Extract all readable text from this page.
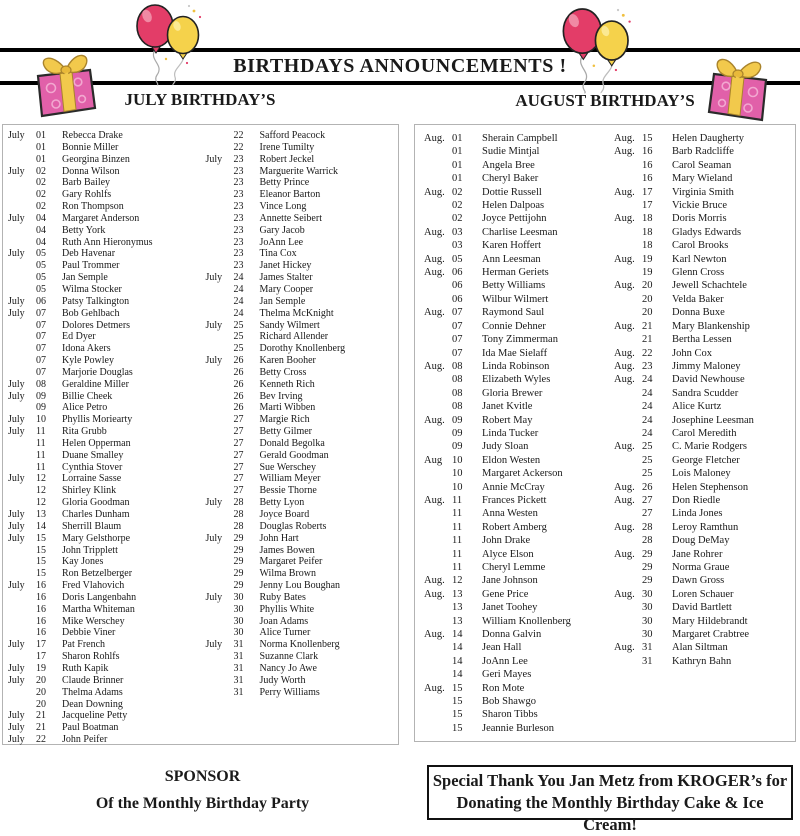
BIRTHDAYS ANNOUNCEMENTS !
JULY BIRTHDAY’S	AUGUST BIRTHDAY’S
July	01	Rebecca Drake
01	Bonnie Miller
01	Georgina Binzen
July	02	Donna Wilson
02	Barb Bailey
02	Gary Rohlfs
02	Ron Thompson
July	04	Margaret Anderson
04	Betty York
04	Ruth Ann Hieronymus
July	05	Deb Havenar
05	Paul Trommer
05	Jan Semple
05	Wilma Stocker
July	06	Patsy Talkington
July	07	Bob Gehlbach
07	Dolores Detmers
07	Ed Dyer
07	Idona Akers
07	Kyle Powley
07	Marjorie Douglas
July	08	Geraldine Miller
July	09	Billie Cheek
09	Alice Petro
July	10	Phyllis Moriearty
July	11	Rita Grubb
11	Helen Opperman
11	Duane Smalley
11	Cynthia Stover
July	12	Lorraine Sasse
12	Shirley Klink
12	Gloria Goodman
July	13	Charles Dunham
July	14	Sherrill Blaum
July	15	Mary Gelsthorpe
15	John Tripplett
15	Kay Jones
15	Ron Betzelberger
July	16	Fred Vlahovich
16	Doris Langenbahn
16	Martha Whiteman
16	Mike Werschey
16	Debbie Viner
July	17	Pat French
17	Sharon Rohlfs
July	19	Ruth Kapik
July	20	Claude Brinner
20	Thelma Adams
20	Dean Downing
July	21	Jacqueline Petty
July	21	Paul Boatman
July	22	John Peifer
22	Safford Peacock
22	Irene Tumilty
July	23	Robert Jeckel
23	Marguerite Warrick
23	Betty Prince
23	Eleanor Barton
23	Vince Long
23	Annette Seibert
23	Gary Jacob
23	JoAnn Lee
23	Tina Cox
23	Janet Hickey
July	24	James Stalter
24	Mary Cooper
24	Jan Semple
24	Thelma McKnight
July	25	Sandy Wilmert
25	Richard Allender
25	Dorothy Knollenberg
July	26	Karen Booher
26	Betty Cross
26	Kenneth Rich
26	Bev Irving
26	Marti Wibben
27	Margie Rich
27	Betty Gilmer
27	Donald Begolka
27	Gerald Goodman
27	Sue Werschey
27	William Meyer
27	Bessie Thorne
July	28	Betty Lyon
28	Joyce Board
28	Douglas Roberts
July	29	John Hart
29	James Bowen
29	Margaret Peifer
29	Wilma Brown
29	Jenny Lou Boughan
July	30	Ruby Bates
30	Phyllis White
30	Joan Adams
30	Alice Turner
July	31	Norma Knollenberg
31	Suzanne Clark
31	Nancy Jo Awe
31	Judy Worth
31	Perry Williams
Aug. 01	Sherain Campbell
01	Sudie Mintjal
01	Angela Bree
01	Cheryl Baker
Aug. 02	Dottie Russell
02	Helen Dalpoas
02	Joyce Pettijohn
Aug. 03	Charlise Leesman
03	Karen Hoffert
Aug. 05	Ann Leesman
Aug. 06	Herman Geriets
06	Betty Williams
06	Wilbur Wilmert
Aug. 07	Raymond Saul
07	Connie Dehner
07	Tony Zimmerman
07	Ida Mae Sielaff
Aug. 08	Linda Robinson
08	Elizabeth Wyles
08	Gloria Brewer
08	Janet Kvitle
Aug. 09	Robert May
09	Linda Tucker
09	Judy Sloan
Aug 10	Eldon Westen
10	Margaret Ackerson
10	Annie McCray
Aug. 11	Frances Pickett
11	Anna Westen
11	Robert Amberg
11	John Drake
11	Alyce Elson
11	Cheryl Lemme
Aug. 12	Jane Johnson
Aug. 13	Gene Price
13	Janet Toohey
13	William Knollenberg
Aug. 14	Donna Galvin
14	Jean Hall
14	JoAnn Lee
14	Geri Mayes
Aug. 15	Ron Mote
15	Bob Shawgo
15	Sharon Tibbs
15	Jeannie Burleson
Aug. 15	Helen Daugherty
Aug. 16	Barb Radcliffe
16	Carol Seaman
16	Mary Wieland
Aug. 17	Virginia Smith
17	Vickie Bruce
Aug. 18	Doris Morris
18	Gladys Edwards
18	Carol Brooks
Aug. 19	Karl Newton
19	Glenn Cross
Aug. 20	Jewell Schachtele
20	Velda Baker
20	Donna Buxe
Aug. 21	Mary Blankenship
21	Bertha Lessen
Aug. 22	John Cox
Aug. 23	Jimmy Maloney
Aug. 24	David Newhouse
24	Sandra Scudder
24	Alice Kurtz
24	Josephine Leesman
24	Carol Meredith
Aug. 25	C. Marie Rodgers
25	George Fletcher
25	Lois Maloney
Aug. 26	Helen Stephenson
Aug. 27	Don Riedle
27	Linda Jones
Aug. 28	Leroy Ramthun
28	Doug DeMay
Aug. 29	Jane Rohrer
29	Norma Graue
29	Dawn Gross
Aug. 30	Loren Schauer
30	David Bartlett
30	Mary Hildebrandt
30	Margaret Crabtree
Aug. 31	Alan Siltman
31	Kathryn Bahn
SPONSOR
Of the Monthly Birthday Party
Special Thank You Jan Metz from KROGER’s for
Donating the Monthly Birthday Cake & Ice Cream!
